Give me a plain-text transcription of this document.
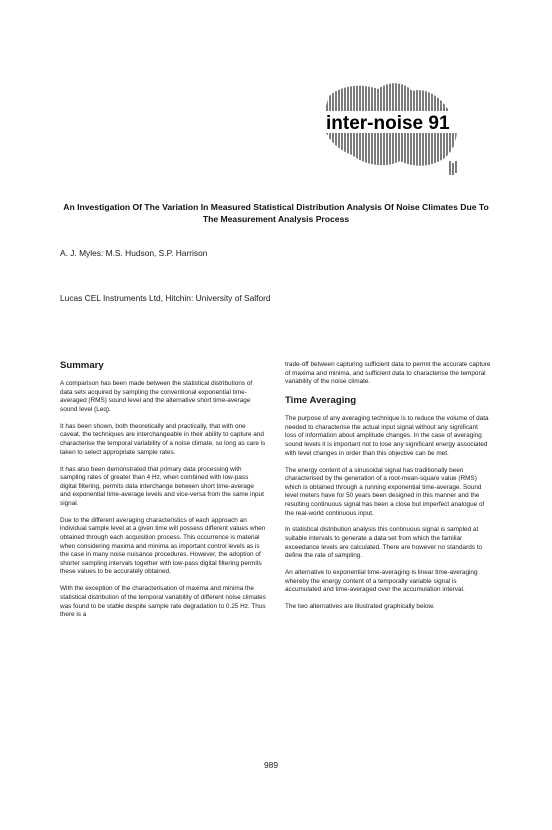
inter-noise 91
An Investigation Of The Variation In Measured Statistical Distribution Analysis Of Noise Climates Due To The Measurement Analysis Process
A. J. Myles: M.S. Hudson, S.P. Harrison
Lucas CEL Instruments Ltd, Hitchin: University of Salford
Summary

A comparison has been made between the statistical distributions of data sets acquired by sampling the conventional exponential time-averaged (RMS) sound level and the alternative short time-average sound level (Leq).

It has been shown, both theoretically and practically, that with one caveat, the techniques are interchangeable in their ability to capture and characterise the temporal variability of a noise climate, so long as care is taken to select appropriate sample rates.

It has also been demonstrated that primary data processing with sampling rates of greater than 4 Hz, when combined with low-pass digital filtering, permits data interchange between short time-average and exponential time-average levels and vice-versa from the same input signal.

Due to the different averaging characteristics of each approach an individual sample level at a given time will possess different values when obtained through each acquisition process. This occurrence is material when considering maxima and minima as important control levels as is the case in many noise nuisance procedures. However, the adoption of shorter sampling intervals together with low-pass digital filtering permits these values to be accurately obtained.

With the exception of the characterisation of maxima and minima the statistical distribution of the temporal variability of different noise climates was found to be stable despite sample rate degradation to 0.25 Hz. Thus there is a

trade-off between capturing sufficient data to permit the accurate capture of maxima and minima, and sufficient data to characterise the temporal variability of the noise climate.

Time Averaging

The purpose of any averaging technique is to reduce the volume of data needed to characterise the actual input signal without any significant loss of information about amplitude changes. In the case of averaging sound levels it is important not to lose any significant energy associated with level changes in order than this objective can be met.

The energy content of a sinusoidal signal has traditionally been characterised by the generation of a root-mean-square value (RMS) which is obtained through a running exponential time-average. Sound level meters have for 50 years been designed in this manner and the resulting continuous signal has been a close but imperfect analogue of the real-world continuous input.

In statistical distribution analysis this continuous signal is sampled at suitable intervals to generate a data set from which the familiar exceedance levels are calculated. There are however no standards to define the rate of sampling.

An alternative to exponential time-averaging is linear time-averaging whereby the energy content of a temporally variable signal is accumulated and time-averaged over the accumulation interval.

The two alternatives are illustrated graphically below.

989
